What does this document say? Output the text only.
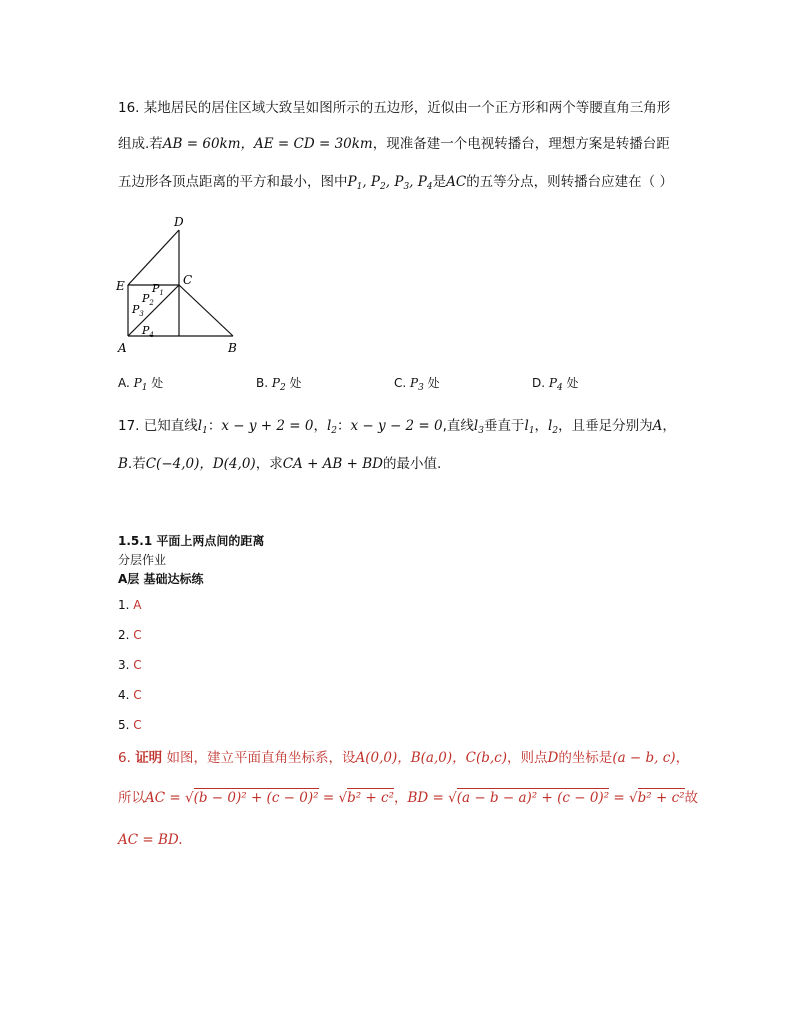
16. 某地居民的居住区域大致呈如图所示的五边形，近似由一个正方形和两个等腰直角三角形
组成.若AB = 60km，AE = CD = 30km，现准备建一个电视转播台，理想方案是转播台距
五边形各顶点距离的平方和最小，图中$P_1$, $P_2$, $P_3$, $P_4$是AC的五等分点，则转播台应建在（ ）
D
C
E
A	B
$P_1$
$P_2$
$P_3$
$P_4$
A. $P_1$ 处	B. $P_2$ 处	C. $P_3$ 处	D. $P_4$ 处
17. 已知直线$l_1$：x − y + 2 = 0，$l_2$：x − y − 2 = 0,直线$l_3$垂直于$l_1$，$l_2$，且垂足分别为A，
B.若C(−4,0)，D(4,0)，求CA + AB + BD的最小值.
1.5.1 平面上两点间的距离
分层作业
A层 基础达标练
1. A
2. C
3. C
4. C
5. C
6. 证明 如图，建立平面直角坐标系，设A(0,0)，B(a,0)，C(b,c)，则点D的坐标是(a − b, c)，
所以AC = √(b − 0)² + (c − 0)² = √b² + c²，BD = √(a − b − a)² + (c − 0)² = √b² + c²故
AC = BD.
